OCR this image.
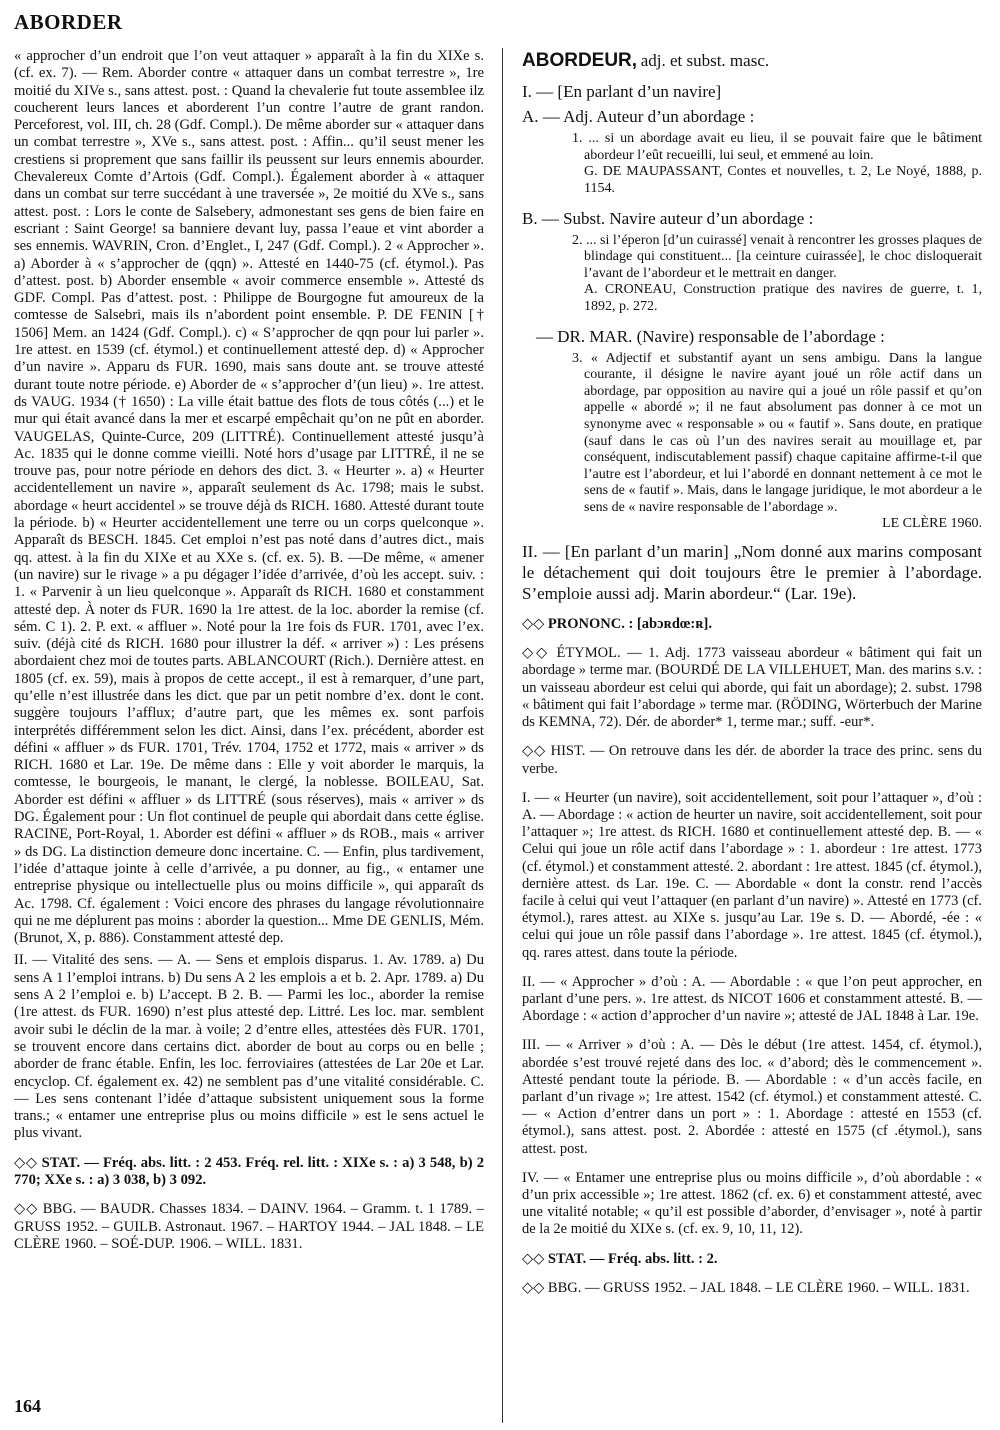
ABORDER

« approcher d’un endroit que l’on veut attaquer » apparaît à la fin du XIXe s. (cf. ex. 7). — Rem. Aborder contre « attaquer dans un combat terrestre », 1re moitié du XIVe s., sans attest. post. : Quand la chevalerie fut toute assemblee ilz coucherent leurs lances et aborderent l’un contre l’autre de grant randon. Perceforest, vol. III, ch. 28 (Gdf. Compl.). De même aborder sur « attaquer dans un combat terrestre », XVe s., sans attest. post. : Affin... qu’il seust mener les crestiens si proprement que sans faillir ils peussent sur leurs ennemis abourder. Chevalereux Comte d’Artois (Gdf. Compl.). Également aborder à « attaquer dans un combat sur terre succédant à une traversée », 2e moitié du XVe s., sans attest. post. : Lors le conte de Salsebery, admonestant ses gens de bien faire en escriant : Saint George! sa banniere devant luy, passa l’eaue et vint aborder a ses ennemis. WAVRIN, Cron. d’Englet., I, 247 (Gdf. Compl.). 2 « Approcher ». a) Aborder à « s’approcher de (qqn) ». Attesté en 1440-75 (cf. étymol.). Pas d’attest. post. b) Aborder ensemble « avoir commerce ensemble ». Attesté ds GDF. Compl. Pas d’attest. post. : Philippe de Bourgogne fut amoureux de la comtesse de Salsebri, mais ils n’abordent point ensemble. P. DE FENIN [† 1506] Mem. an 1424 (Gdf. Compl.). c) « S’approcher de qqn pour lui parler ». 1re attest. en 1539 (cf. étymol.) et continuellement attesté dep. d) « Approcher d’un navire ». Apparu ds FUR. 1690, mais sans doute ant. se trouve attesté durant toute notre période. e) Aborder de « s’approcher d’(un lieu) ». 1re attest. ds VAUG. 1934 († 1650) : La ville était battue des flots de tous côtés (...) et le mur qui était avancé dans la mer et escarpé empêchait qu’on ne pût en aborder. VAUGELAS, Quinte-Curce, 209 (LITTRÉ). Continuellement attesté jusqu’à Ac. 1835 qui le donne comme vieilli. Noté hors d’usage par LITTRÉ, il ne se trouve pas, pour notre période en dehors des dict. 3. « Heurter ». a) « Heurter accidentellement un navire », apparaît seulement ds Ac. 1798; mais le subst. abordage « heurt accidentel » se trouve déjà ds RICH. 1680. Attesté durant toute la période. b) « Heurter accidentellement une terre ou un corps quelconque ». Apparaît ds BESCH. 1845. Cet emploi n’est pas noté dans d’autres dict., mais qq. attest. à la fin du XIXe et au XXe s. (cf. ex. 5). B. —De même, « amener (un navire) sur le rivage » a pu dégager l’idée d’arrivée, d’où les accept. suiv. : 1. « Parvenir à un lieu quelconque ». Apparaît ds RICH. 1680 et constamment attesté dep. À noter ds FUR. 1690 la 1re attest. de la loc. aborder la remise (cf. sém. C 1). 2. P. ext. « affluer ». Noté pour la 1re fois ds FUR. 1701, avec l’ex. suiv. (déjà cité ds RICH. 1680 pour illustrer la déf. « arriver ») : Les présens abordaient chez moi de toutes parts. ABLANCOURT (Rich.). Dernière attest. en 1805 (cf. ex. 59), mais à propos de cette accept., il est à remarquer, d’une part, qu’elle n’est illustrée dans les dict. que par un petit nombre d’ex. dont le cont. suggère toujours l’afflux; d’autre part, que les mêmes ex. sont parfois interprétés différemment selon les dict. Ainsi, dans l’ex. précédent, aborder est défini « affluer » ds FUR. 1701, Trév. 1704, 1752 et 1772, mais « arriver » ds RICH. 1680 et Lar. 19e. De même dans : Elle y voit aborder le marquis, la comtesse, le bourgeois, le manant, le clergé, la noblesse. BOILEAU, Sat. Aborder est défini « affluer » ds LITTRÉ (sous réserves), mais « arriver » ds DG. Également pour : Un flot continuel de peuple qui abordait dans cette église. RACINE, Port-Royal, 1. Aborder est défini « affluer » ds ROB., mais « arriver » ds DG. La distinction demeure donc incertaine. C. — Enfin, plus tardivement, l’idée d’attaque jointe à celle d’arrivée, a pu donner, au fig., « entamer une entreprise physique ou intellectuelle plus ou moins difficile », qui apparaît ds Ac. 1798. Cf. également : Voici encore des phrases du langage révolutionnaire qui ne me déplurent pas moins : aborder la question... Mme DE GENLIS, Mém. (Brunot, X, p. 886). Constamment attesté dep.

II. — Vitalité des sens. — A. — Sens et emplois disparus. 1. Av. 1789. a) Du sens A 1 l’emploi intrans. b) Du sens A 2 les emplois a et b. 2. Apr. 1789. a) Du sens A 2 l’emploi e. b) L’accept. B 2. B. — Parmi les loc., aborder la remise (1re attest. ds FUR. 1690) n’est plus attesté dep. Littré. Les loc. mar. semblent avoir subi le déclin de la mar. à voile; 2 d’entre elles, attestées dès FUR. 1701, se trouvent encore dans certains dict. aborder de bout au corps ou en belle ; aborder de franc étable. Enfin, les loc. ferroviaires (attestées de Lar 20e et Lar. encyclop. Cf. également ex. 42) ne semblent pas d’une vitalité considérable. C. — Les sens contenant l’idée d’attaque subsistent uniquement sous la forme trans.; « entamer une entreprise plus ou moins difficile » est le sens actuel le plus vivant.

◇◇ STAT. — Fréq. abs. litt. : 2 453. Fréq. rel. litt. : XIXe s. : a) 3 548, b) 2 770; XXe s. : a) 3 038, b) 3 092.

◇◇ BBG. — BAUDR. Chasses 1834. – DAINV. 1964. – Gramm. t. 1 1789. – GRUSS 1952. – GUILB. Astronaut. 1967. – HARTOY 1944. – JAL 1848. – LE CLÈRE 1960. – SOÉ-DUP. 1906. – WILL. 1831.

ABORDEUR, adj. et subst. masc.

I. — [En parlant d’un navire]

A. — Adj. Auteur d’un abordage :

1. ... si un abordage avait eu lieu, il se pouvait faire que le bâtiment abordeur l’eût recueilli, lui seul, et emmené au loin.

G. DE MAUPASSANT, Contes et nouvelles, t. 2, Le Noyé, 1888, p. 1154.

B. — Subst. Navire auteur d’un abordage :

2. ... si l’éperon [d’un cuirassé] venait à rencontrer les grosses plaques de blindage qui constituent... [la ceinture cuirassée], le choc disloquerait l’avant de l’abordeur et le mettrait en danger.

A. CRONEAU, Construction pratique des navires de guerre, t. 1, 1892, p. 272.

— DR. MAR. (Navire) responsable de l’abordage :

3. « Adjectif et substantif ayant un sens ambigu. Dans la langue courante, il désigne le navire ayant joué un rôle actif dans un abordage, par opposition au navire qui a joué un rôle passif et qu’on appelle « abordé »; il ne faut absolument pas donner à ce mot un synonyme avec « responsable » ou « fautif ». Sans doute, en pratique (sauf dans le cas où l’un des navires serait au mouillage et, par conséquent, indiscutablement passif) chaque capitaine affirme-t-il que l’autre est l’abordeur, et lui l’abordé en donnant nettement à ce mot le sens de « fautif ». Mais, dans le langage juridique, le mot abordeur a le sens de « navire responsable de l’abordage ».

LE CLÈRE 1960.

II. — [En parlant d’un marin] „Nom donné aux marins composant le détachement qui doit toujours être le premier à l’abordage. S’emploie aussi adj. Marin abordeur.“ (Lar. 19e).

◇◇ PRONONC. : [abɔʀdœ:ʀ].

◇◇ ÉTYMOL. — 1. Adj. 1773 vaisseau abordeur « bâtiment qui fait un abordage » terme mar. (BOURDÉ DE LA VILLEHUET, Man. des marins s.v. : un vaisseau abordeur est celui qui aborde, qui fait un abordage); 2. subst. 1798 « bâtiment qui fait l’abordage » terme mar. (RÖDING, Wörterbuch der Marine ds KEMNA, 72). Dér. de aborder* 1, terme mar.; suff. -eur*.

◇◇ HIST. — On retrouve dans les dér. de aborder la trace des princ. sens du verbe.

I. — « Heurter (un navire), soit accidentellement, soit pour l’attaquer », d’où : A. — Abordage : « action de heurter un navire, soit accidentellement, soit pour l’attaquer »; 1re attest. ds RICH. 1680 et continuellement attesté dep. B. — « Celui qui joue un rôle actif dans l’abordage » : 1. abordeur : 1re attest. 1773 (cf. étymol.) et constamment attesté. 2. abordant : 1re attest. 1845 (cf. étymol.), dernière attest. ds Lar. 19e. C. — Abordable « dont la constr. rend l’accès facile à celui qui veut l’attaquer (en parlant d’un navire) ». Attesté en 1773 (cf. étymol.), rares attest. au XIXe s. jusqu’au Lar. 19e s. D. — Abordé, -ée : « celui qui joue un rôle passif dans l’abordage ». 1re attest. 1845 (cf. étymol.), qq. rares attest. dans toute la période.

II. — « Approcher » d’où : A. — Abordable : « que l’on peut approcher, en parlant d’une pers. ». 1re attest. ds NICOT 1606 et constamment attesté. B. — Abordage : « action d’approcher d’un navire »; attesté de JAL 1848 à Lar. 19e.

III. — « Arriver » d’où : A. — Dès le début (1re attest. 1454, cf. étymol.), abordée s’est trouvé rejeté dans des loc. « d’abord; dès le commencement ». Attesté pendant toute la période. B. — Abordable : « d’un accès facile, en parlant d’un rivage »; 1re attest. 1542 (cf. étymol.) et constamment attesté. C. — « Action d’entrer dans un port » : 1. Abordage : attesté en 1553 (cf. étymol.), sans attest. post. 2. Abordée : attesté en 1575 (cf .étymol.), sans attest. post.

IV. — « Entamer une entreprise plus ou moins difficile », d’où abordable : « d’un prix accessible »; 1re attest. 1862 (cf. ex. 6) et constamment attesté, avec une vitalité notable; « qu’il est possible d’aborder, d’envisager », noté à partir de la 2e moitié du XIXe s. (cf. ex. 9, 10, 11, 12).

◇◇ STAT. — Fréq. abs. litt. : 2.

◇◇ BBG. — GRUSS 1952. – JAL 1848. – LE CLÈRE 1960. – WILL. 1831.

164
